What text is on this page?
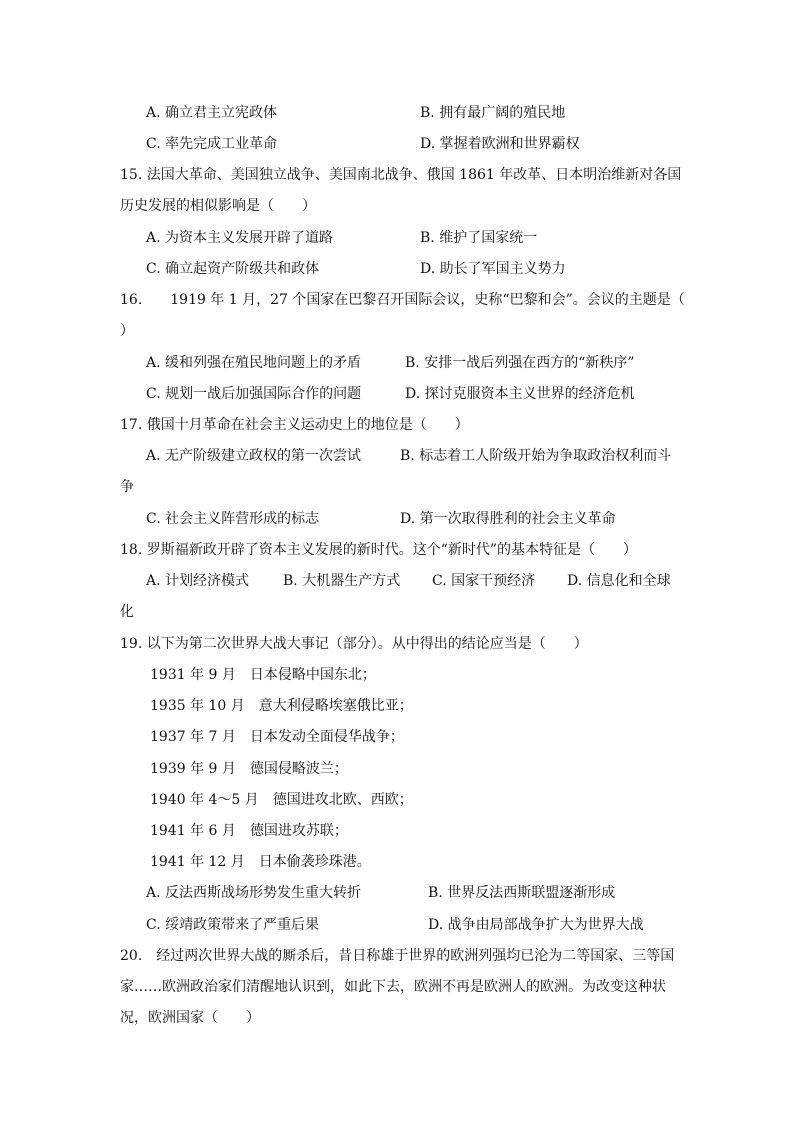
A. 确立君主立宪政体	B. 拥有最广阔的殖民地
C. 率先完成工业革命	D. 掌握着欧洲和世界霸权
15. 法国大革命、美国独立战争、美国南北战争、俄国 1861 年改革、日本明治维新对各国
历史发展的相似影响是（　　）
A. 为资本主义发展开辟了道路	B. 维护了国家统一
C. 确立起资产阶级共和政体	D. 助长了军国主义势力
16.　　1919 年 1 月，27 个国家在巴黎召开国际会议，史称“巴黎和会”。会议的主题是（
）
A. 缓和列强在殖民地问题上的矛盾	B. 安排一战后列强在西方的“新秩序”
C. 规划一战后加强国际合作的问题	D. 探讨克服资本主义世界的经济危机
17. 俄国十月革命在社会主义运动史上的地位是（　　）
A. 无产阶级建立政权的第一次尝试	B. 标志着工人阶级开始为争取政治权利而斗
争
C. 社会主义阵营形成的标志	D. 第一次取得胜利的社会主义革命
18. 罗斯福新政开辟了资本主义发展的新时代。这个“新时代”的基本特征是（　　）
A. 计划经济模式 B. 大机器生产方式 C. 国家干预经济 D. 信息化和全球
化
19. 以下为第二次世界大战大事记（部分）。从中得出的结论应当是（　　）
1931 年 9 月　日本侵略中国东北；
1935 年 10 月　意大利侵略埃塞俄比亚；
1937 年 7 月　日本发动全面侵华战争；
1939 年 9 月　德国侵略波兰；
1940 年 4～5 月　德国进攻北欧、西欧；
1941 年 6 月　德国进攻苏联；
1941 年 12 月　日本偷袭珍珠港。
A. 反法西斯战场形势发生重大转折	B. 世界反法西斯联盟逐渐形成
C. 绥靖政策带来了严重后果	D. 战争由局部战争扩大为世界大战
20.　经过两次世界大战的厮杀后，昔日称雄于世界的欧洲列强均已沦为二等国家、三等国
家……欧洲政治家们清醒地认识到，如此下去，欧洲不再是欧洲人的欧洲。为改变这种状
况，欧洲国家（　　）
